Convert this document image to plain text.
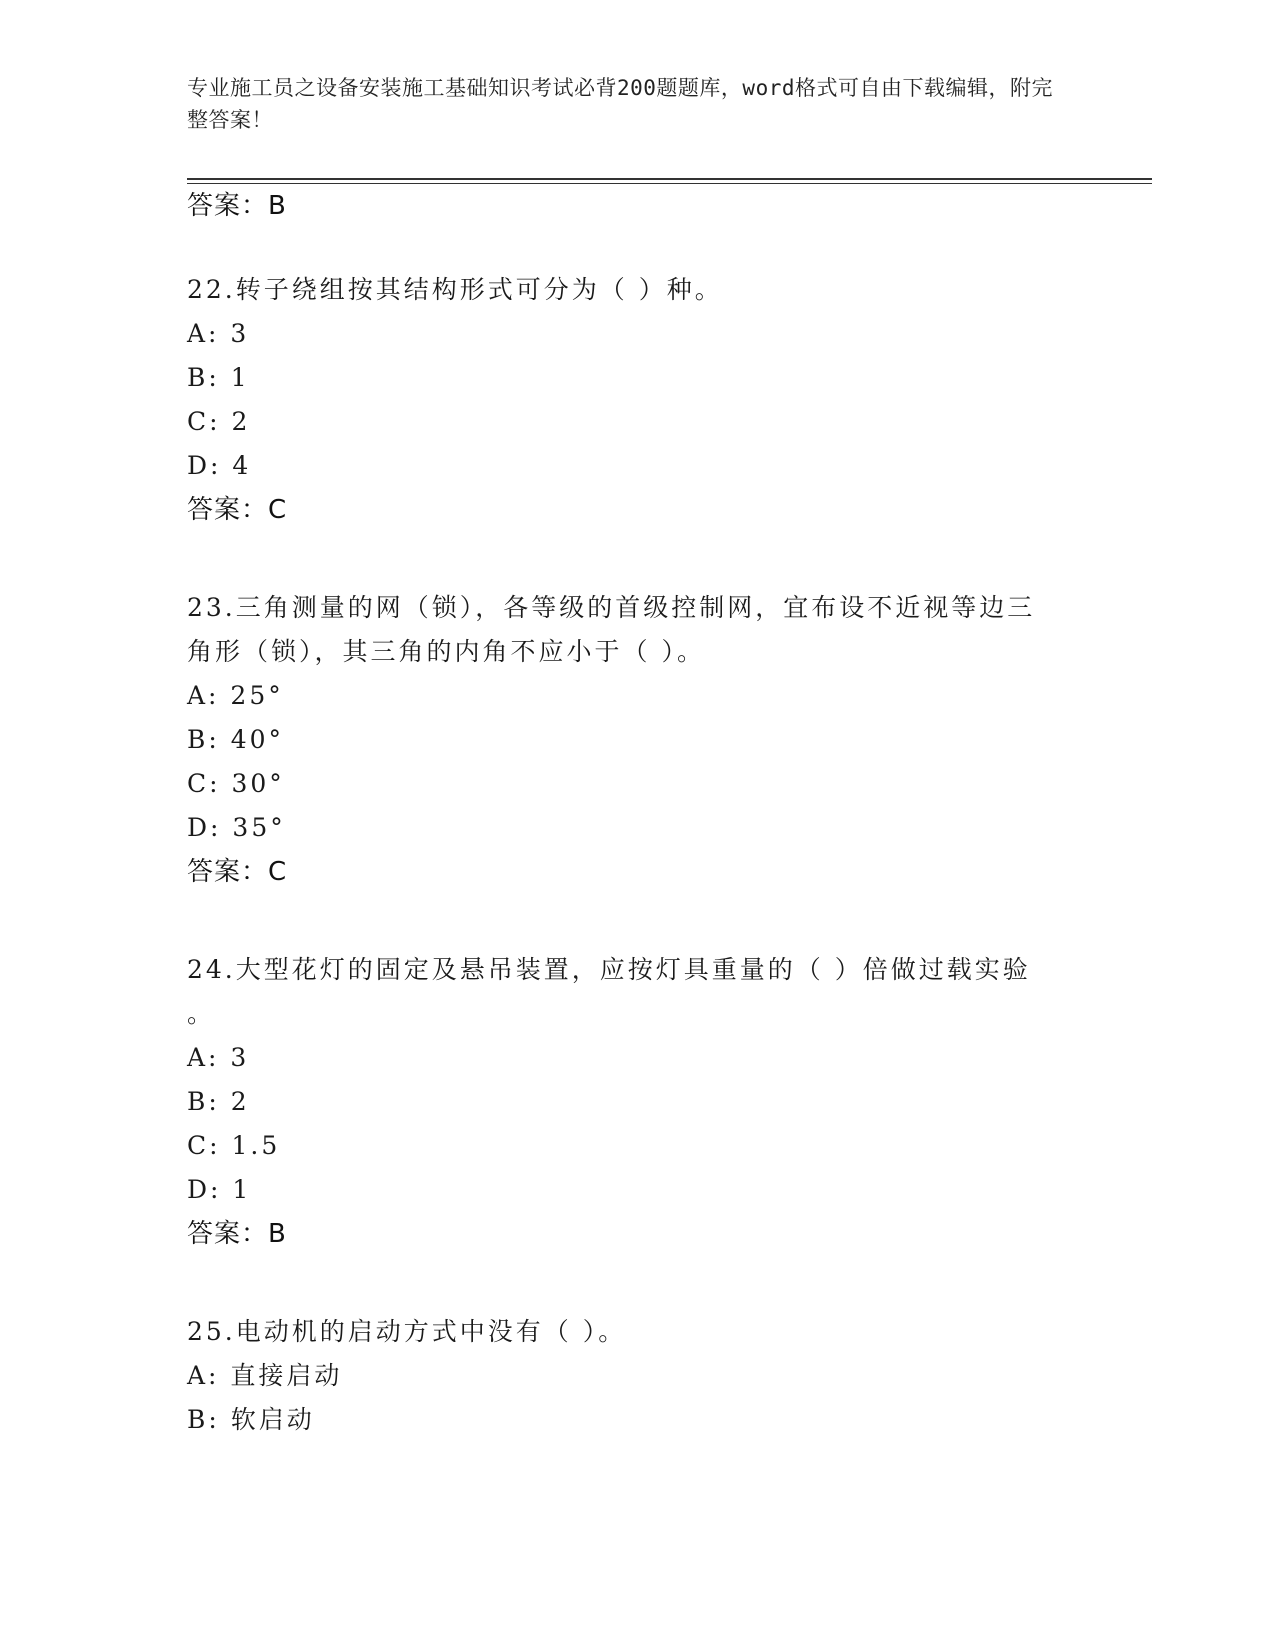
专业施工员之设备安装施工基础知识考试必背200题题库，word格式可自由下载编辑，附完整答案！
答案：B
22.转子绕组按其结构形式可分为（ ）种。
A: 3
B: 1
C: 2
D: 4
答案：C
23.三角测量的网（锁），各等级的首级控制网，宜布设不近视等边三
角形（锁），其三角的内角不应小于（ ）。
A: 25°
B: 40°
C: 30°
D: 35°
答案：C
24.大型花灯的固定及悬吊装置，应按灯具重量的（ ）倍做过载实验
。
A: 3
B: 2
C: 1.5
D: 1
答案：B
25.电动机的启动方式中没有（ ）。
A: 直接启动
B: 软启动
